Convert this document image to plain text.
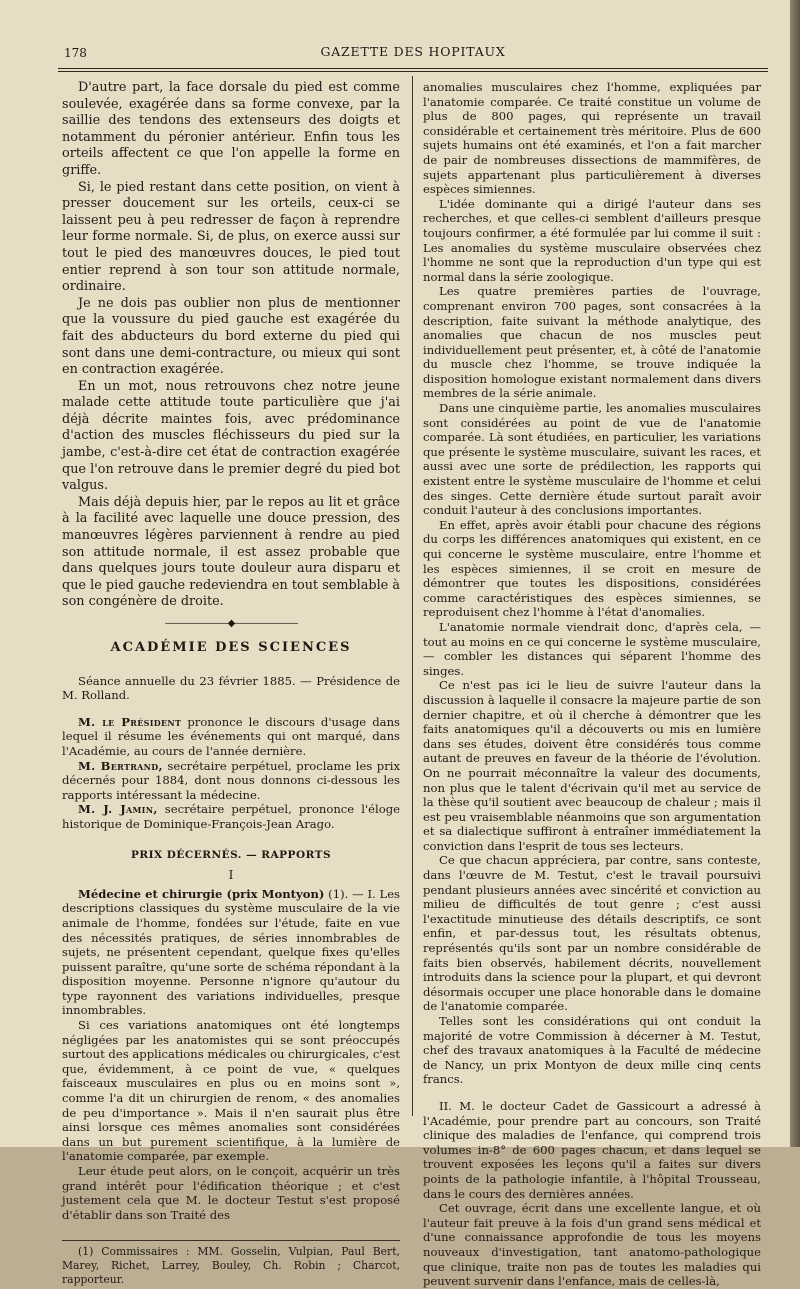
178	GAZETTE DES HOPITAUX

D'autre part, la face dorsale du pied est comme soulevée, exagérée dans sa forme convexe, par la saillie des tendons des extenseurs des doigts et notamment du péronier antérieur. Enfin tous les orteils affectent ce que l'on appelle la forme en griffe.

Si, le pied restant dans cette position, on vient à presser doucement sur les orteils, ceux-ci se laissent peu à peu redresser de façon à reprendre leur forme normale. Si, de plus, on exerce aussi sur tout le pied des manœuvres douces, le pied tout entier reprend à son tour son attitude normale, ordinaire.

Je ne dois pas oublier non plus de mentionner que la voussure du pied gauche est exagérée du fait des abducteurs du bord externe du pied qui sont dans une demi-contracture, ou mieux qui sont en contraction exagérée.

En un mot, nous retrouvons chez notre jeune malade cette attitude toute particulière que j'ai déjà décrite maintes fois, avec prédominance d'action des muscles fléchisseurs du pied sur la jambe, c'est-à-dire cet état de contraction exagérée que l'on retrouve dans le premier degré du pied bot valgus.

Mais déjà depuis hier, par le repos au lit et grâce à la facilité avec laquelle une douce pression, des manœuvres légères parviennent à rendre au pied son attitude normale, il est assez probable que dans quelques jours toute douleur aura disparu et que le pied gauche redeviendra en tout semblable à son congénère de droite.

———————◆———————
ACADÉMIE DES SCIENCES

Séance annuelle du 23 février 1885. — Présidence de M. Rolland.

M. le Président prononce le discours d'usage dans lequel il résume les événements qui ont marqué, dans l'Académie, au cours de l'année dernière.

M. Bertrand, secrétaire perpétuel, proclame les prix décernés pour 1884, dont nous donnons ci-dessous les rapports intéressant la médecine.

M. J. Jamin, secrétaire perpétuel, prononce l'éloge historique de Dominique-François-Jean Arago.

PRIX DÉCERNÉS. — RAPPORTS
I

Médecine et chirurgie (prix Montyon) (1). — I. Les descriptions classiques du système musculaire de la vie animale de l'homme, fondées sur l'étude, faite en vue des nécessités pratiques, de séries innombrables de sujets, ne présentent cependant, quelque fixes qu'elles puissent paraître, qu'une sorte de schéma répondant à la disposition moyenne. Personne n'ignore qu'autour du type rayonnent des variations individuelles, presque innombrables.

Si ces variations anatomiques ont été longtemps négligées par les anatomistes qui se sont préoccupés surtout des applications médicales ou chirurgicales, c'est que, évidemment, à ce point de vue, « quelques faisceaux musculaires en plus ou en moins sont », comme l'a dit un chirurgien de renom, « des anomalies de peu d'importance ». Mais il n'en saurait plus être ainsi lorsque ces mêmes anomalies sont considérées dans un but purement scientifique, à la lumière de l'anatomie comparée, par exemple.

Leur étude peut alors, on le conçoit, acquérir un très grand intérêt pour l'édification théorique ; et c'est justement cela que M. le docteur Testut s'est proposé d'établir dans son Traité des

(1) Commissaires : MM. Gosselin, Vulpian, Paul Bert, Marey, Richet, Larrey, Bouley, Ch. Robin ; Charcot, rapporteur.

anomalies musculaires chez l'homme, expliquées par l'anatomie comparée. Ce traité constitue un volume de plus de 800 pages, qui représente un travail considérable et certainement très méritoire. Plus de 600 sujets humains ont été examinés, et l'on a fait marcher de pair de nombreuses dissections de mammifères, de sujets appartenant plus particulièrement à diverses espèces simiennes.

L'idée dominante qui a dirigé l'auteur dans ses recherches, et que celles-ci semblent d'ailleurs presque toujours confirmer, a été formulée par lui comme il suit : Les anomalies du système musculaire observées chez l'homme ne sont que la reproduction d'un type qui est normal dans la série zoologique.

Les quatre premières parties de l'ouvrage, comprenant environ 700 pages, sont consacrées à la description, faite suivant la méthode analytique, des anomalies que chacun de nos muscles peut individuellement peut présenter, et, à côté de l'anatomie du muscle chez l'homme, se trouve indiquée la disposition homologue existant normalement dans divers membres de la série animale.

Dans une cinquième partie, les anomalies musculaires sont considérées au point de vue de l'anatomie comparée. Là sont étudiées, en particulier, les variations que présente le système musculaire, suivant les races, et aussi avec une sorte de prédilection, les rapports qui existent entre le système musculaire de l'homme et celui des singes. Cette dernière étude surtout paraît avoir conduit l'auteur à des conclusions importantes.

En effet, après avoir établi pour chacune des régions du corps les différences anatomiques qui existent, en ce qui concerne le système musculaire, entre l'homme et les espèces simiennes, il se croit en mesure de démontrer que toutes les dispositions, considérées comme caractéristiques des espèces simiennes, se reproduisent chez l'homme à l'état d'anomalies.

L'anatomie normale viendrait donc, d'après cela, — tout au moins en ce qui concerne le système musculaire, — combler les distances qui séparent l'homme des singes.

Ce n'est pas ici le lieu de suivre l'auteur dans la discussion à laquelle il consacre la majeure partie de son dernier chapitre, et où il cherche à démontrer que les faits anatomiques qu'il a découverts ou mis en lumière dans ses études, doivent être considérés tous comme autant de preuves en faveur de la théorie de l'évolution. On ne pourrait méconnaître la valeur des documents, non plus que le talent d'écrivain qu'il met au service de la thèse qu'il soutient avec beaucoup de chaleur ; mais il est peu vraisemblable néanmoins que son argumentation et sa dialectique suffiront à entraîner immédiatement la conviction dans l'esprit de tous ses lecteurs.

Ce que chacun appréciera, par contre, sans conteste, dans l'œuvre de M. Testut, c'est le travail poursuivi pendant plusieurs années avec sincérité et conviction au milieu de difficultés de tout genre ; c'est aussi l'exactitude minutieuse des détails descriptifs, ce sont enfin, et par-dessus tout, les résultats obtenus, représentés qu'ils sont par un nombre considérable de faits bien observés, habilement décrits, nouvellement introduits dans la science pour la plupart, et qui devront désormais occuper une place honorable dans le domaine de l'anatomie comparée.

Telles sont les considérations qui ont conduit la majorité de votre Commission à décerner à M. Testut, chef des travaux anatomiques à la Faculté de médecine de Nancy, un prix Montyon de deux mille cinq cents francs.

II. M. le docteur Cadet de Gassicourt a adressé à l'Académie, pour prendre part au concours, son Traité clinique des maladies de l'enfance, qui comprend trois volumes in-8° de 600 pages chacun, et dans lequel se trouvent exposées les leçons qu'il a faites sur divers points de la pathologie infantile, à l'hôpital Trousseau, dans le cours des dernières années.

Cet ouvrage, écrit dans une excellente langue, et où l'auteur fait preuve à la fois d'un grand sens médical et d'une connaissance approfondie de tous les moyens nouveaux d'investigation, tant anatomo-pathologique que clinique, traite non pas de toutes les maladies qui peuvent survenir dans l'enfance, mais de celles-là,
